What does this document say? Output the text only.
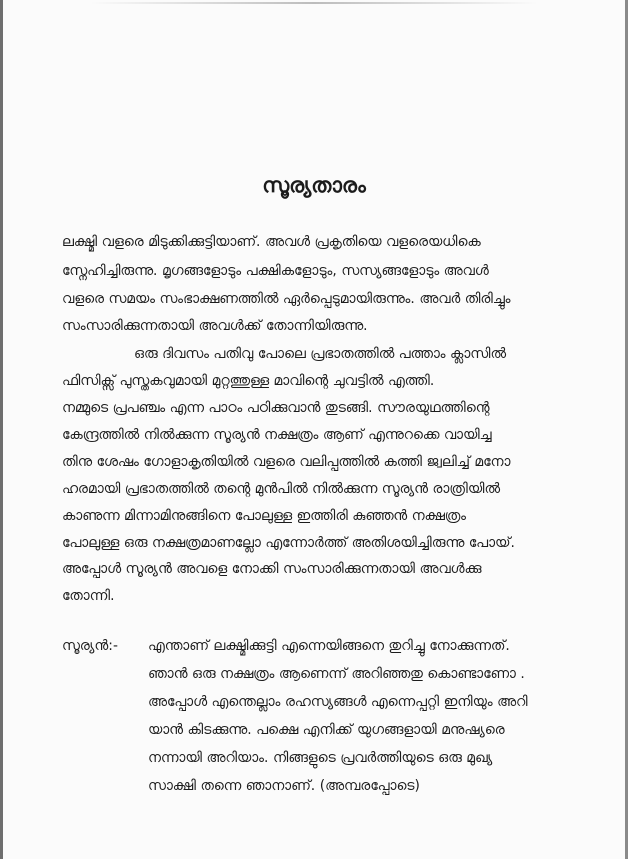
സൂര്യതാരം
ലക്ഷ്മി വളരെ മിടുക്കിക്കുട്ടിയാണ്. അവൾ പ്രകൃതിയെ വളരെയധികെ
സ്നേഹിച്ചിരുന്നു. മൃഗങ്ങളോടും പക്ഷികളോടും, സസ്യങ്ങളോടും അവൾ
വളരെ സമയം സംഭാക്ഷണത്തിൽ ഏർപ്പെടുമായിരുന്നും. അവർ തിരിച്ചും
സംസാരിക്കുന്നതായി അവൾക്ക് തോന്നിയിരുന്നു.
ഒരു ദിവസം പതിവു പോലെ പ്രഭാതത്തിൽ പത്താം ക്ലാസിൽ
ഫിസിക്സ് പുസ്തകവുമായി മുറ്റത്തുള്ള മാവിന്റെ ചുവട്ടിൽ എത്തി.
നമ്മുടെ പ്രപഞ്ചം എന്ന പാഠം പഠിക്കുവാൻ തുടങ്ങി. സൗരയുഥത്തിന്റെ
കേന്ദ്രത്തിൽ നിൽക്കുന്ന സൂര്യൻ നക്ഷത്രം ആണ് എന്നുറക്കെ വായിച്ച
തിനു ശേഷം ഗോളാകൃതിയിൽ വളരെ വലിപ്പത്തിൽ കത്തി ജ്വലിച്ച് മനോ
ഹരമായി പ്രഭാതത്തിൽ തന്റെ മുൻപിൽ നിൽക്കുന്ന സൂര്യൻ രാത്രിയിൽ
കാണുന്ന മിന്നാമിനുങ്ങിനെ പോലുള്ള ഇത്തിരി കുഞ്ഞൻ നക്ഷത്രം
പോലുള്ള ഒരു നക്ഷത്രമാണല്ലോ എന്നോർത്ത് അതിശയിച്ചിരുന്നു പോയ്.
അപ്പോൾ സൂര്യൻ അവളെ നോക്കി സംസാരിക്കുന്നതായി അവൾക്കു
തോന്നി.
സൂര്യൻ:- എന്താണ് ലക്ഷ്മിക്കുട്ടി എന്നെയിങ്ങനെ തുറിച്ചു നോക്കുന്നത്.
ഞാൻ ഒരു നക്ഷത്രം ആണെന്ന് അറിഞ്ഞതു കൊണ്ടാണോ .
അപ്പോൾ എന്തെല്ലാം രഹസ്യങ്ങൾ എന്നെപ്പറ്റി ഇനിയും അറി
യാൻ കിടക്കുന്നു. പക്ഷെ എനിക്ക് യുഗങ്ങളായി മനുഷ്യരെ
നന്നായി അറിയാം. നിങ്ങളുടെ പ്രവർത്തിയുടെ ഒരു മുഖ്യ
സാക്ഷി തന്നെ ഞാനാണ്. (അമ്പരപ്പോടെ)
